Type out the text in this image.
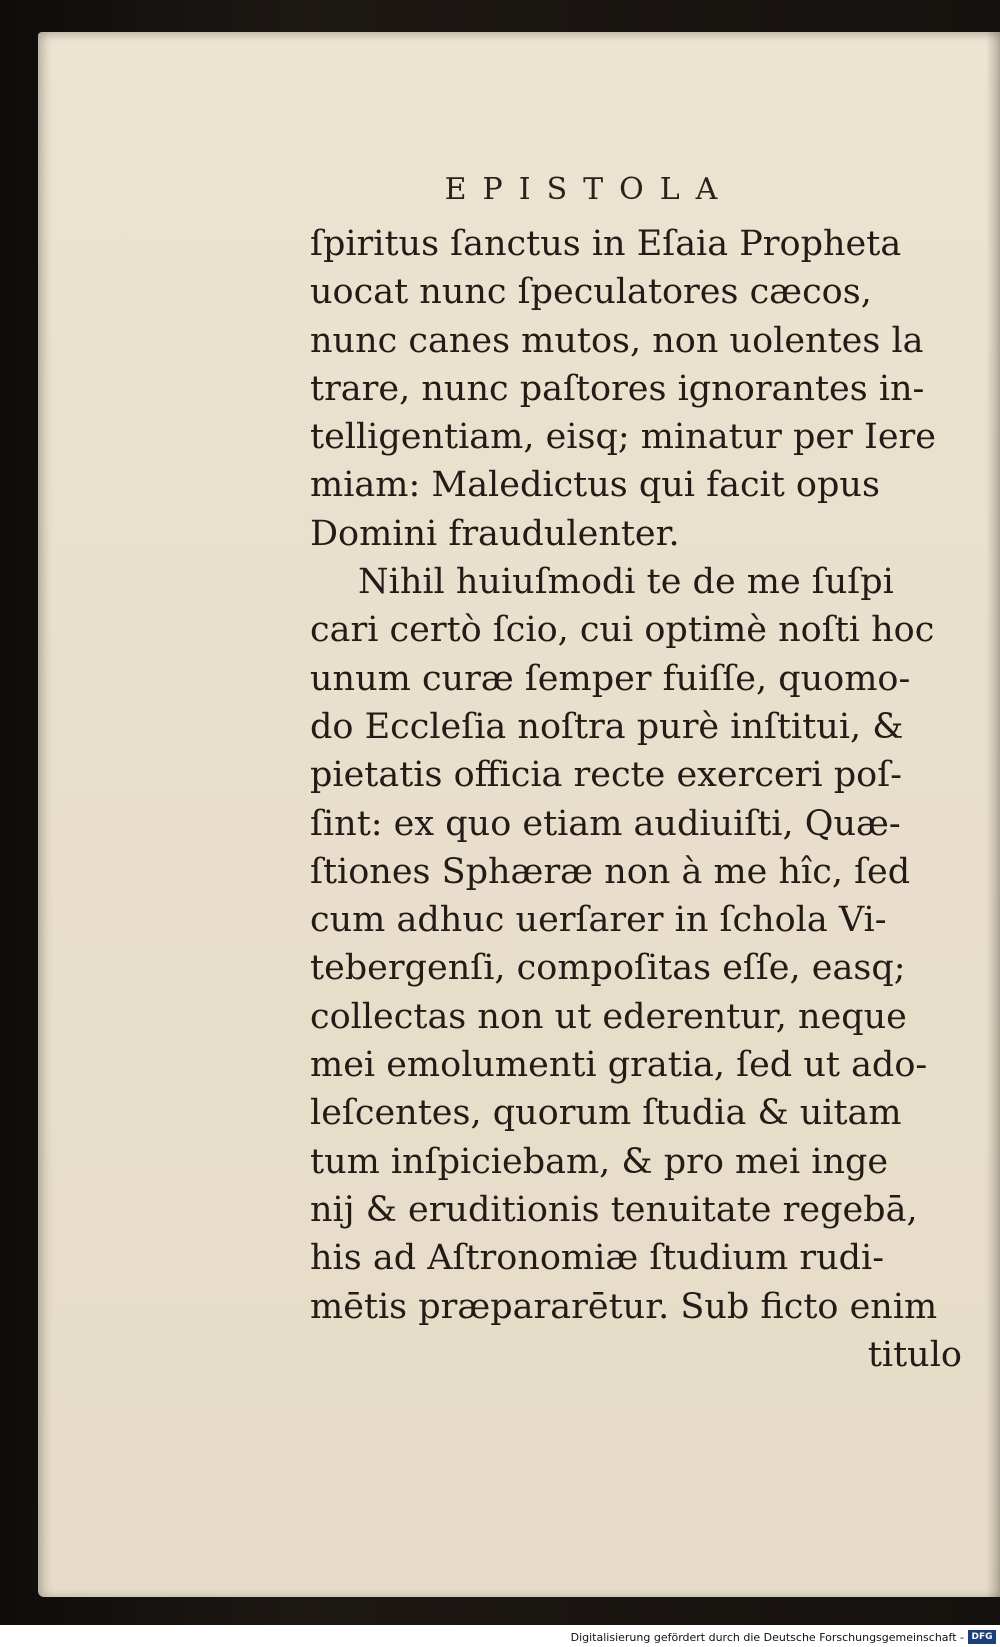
EPISTOLA
ſpiritus ſanctus in Eſaia Propheta
uocat nunc ſpeculatores cæcos,
nunc canes mutos, non uolentes la
trare, nunc paſtores ignorantes in-
telligentiam, eisq; minatur per Iere
miam: Maledictus qui facit opus
Domini fraudulenter.
Nihil huiuſmodi te de me ſuſpi
cari certò ſcio, cui optimè noſti hoc
unum curæ ſemper fuiſſe, quomo-
do Eccleſia noſtra purè inſtitui, &
pietatis officia recte exerceri poſ-
ſint: ex quo etiam audiuiſti, Quæ-
ſtiones Sphæræ non à me hîc, ſed
cum adhuc uerſarer in ſchola Vi-
tebergenſi, compoſitas eſſe, easq;
collectas non ut ederentur, neque
mei emolumenti gratia, ſed ut ado-
leſcentes, quorum ſtudia & uitam
tum inſpiciebam, & pro mei inge
nij & eruditionis tenuitate regebā,
his ad Aſtronomiæ ſtudium rudi-
mētis præpararētur. Sub ficto enim
titulo
Digitalisierung gefördert durch die Deutsche Forschungsgemeinschaft - DFG
